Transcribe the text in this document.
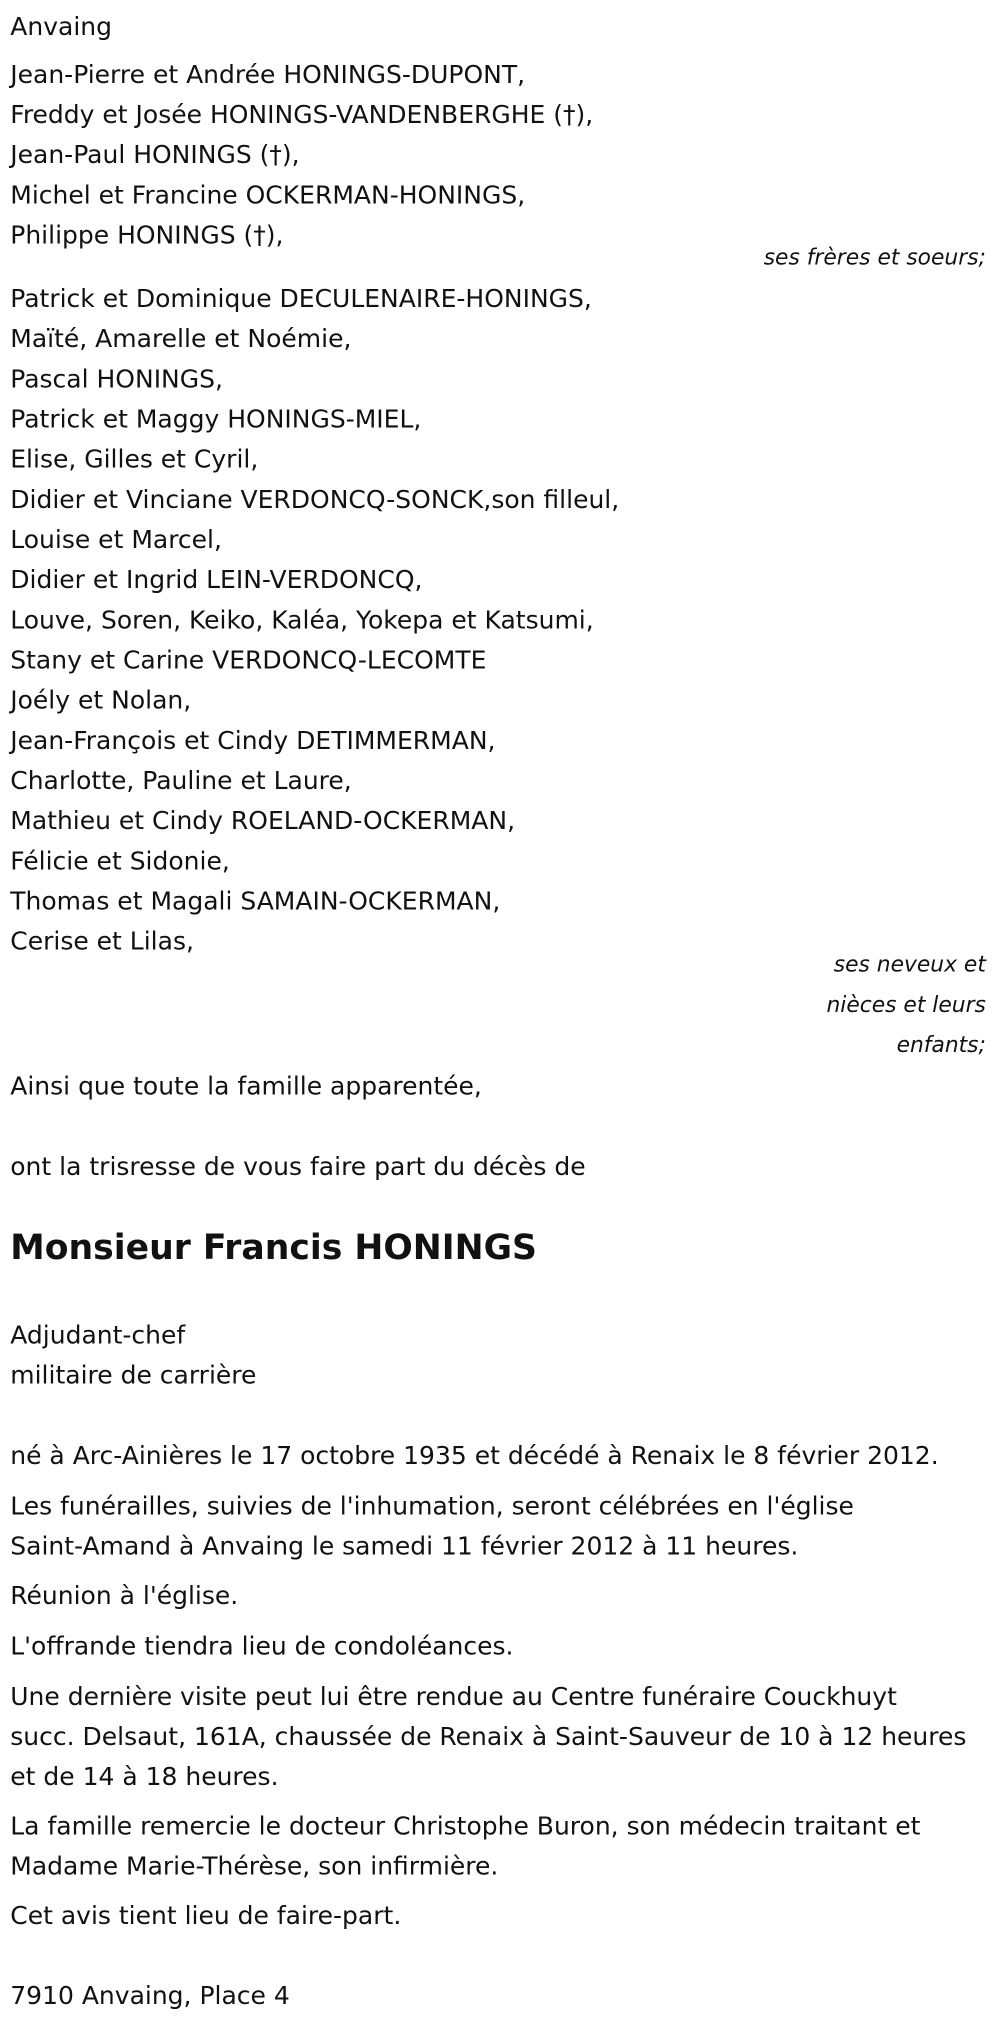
Anvaing
Jean-Pierre et Andrée HONINGS-DUPONT,
Freddy et Josée HONINGS-VANDENBERGHE (†),
Jean-Paul HONINGS (†),
Michel et Francine OCKERMAN-HONINGS,
Philippe HONINGS (†),
ses frères et soeurs;
Patrick et Dominique DECULENAIRE-HONINGS,
Maïté, Amarelle et Noémie,
Pascal HONINGS,
Patrick et Maggy HONINGS-MIEL,
Elise, Gilles et Cyril,
Didier et Vinciane VERDONCQ-SONCK,son filleul,
Louise et Marcel,
Didier et Ingrid LEIN-VERDONCQ,
Louve, Soren, Keiko, Kaléa, Yokepa et Katsumi,
Stany et Carine VERDONCQ-LECOMTE
Joély et Nolan,
Jean-François et Cindy DETIMMERMAN,
Charlotte, Pauline et Laure,
Mathieu et Cindy ROELAND-OCKERMAN,
Félicie et Sidonie,
Thomas et Magali SAMAIN-OCKERMAN,
Cerise et Lilas,
ses neveux et
nièces et leurs
enfants;
Ainsi que toute la famille apparentée,
ont la trisresse de vous faire part du décès de
Monsieur Francis HONINGS
Adjudant-chef
militaire de carrière
né à Arc-Ainières le 17 octobre 1935 et décédé à Renaix le 8 février 2012.
Les funérailles, suivies de l'inhumation, seront célébrées en l'église
Saint-Amand à Anvaing le samedi 11 février 2012 à 11 heures.
Réunion à l'église.
L'offrande tiendra lieu de condoléances.
Une dernière visite peut lui être rendue au Centre funéraire Couckhuyt
succ. Delsaut, 161A, chaussée de Renaix à Saint-Sauveur de 10 à 12 heures
et de 14 à 18 heures.
La famille remercie le docteur Christophe Buron, son médecin traitant et
Madame Marie-Thérèse, son infirmière.
Cet avis tient lieu de faire-part.
7910 Anvaing, Place 4
